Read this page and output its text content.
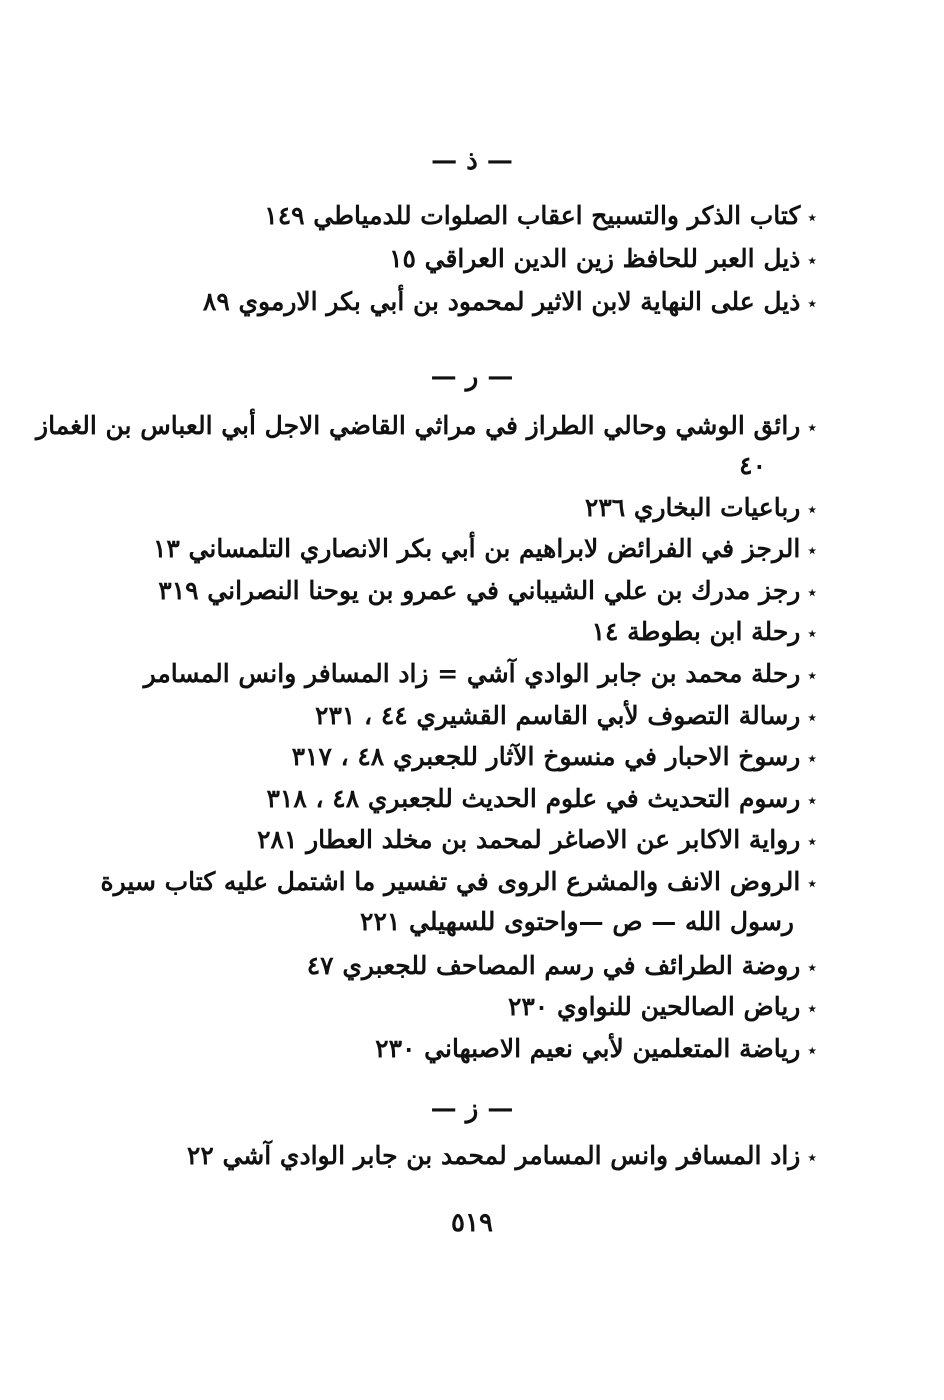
— ذ —
٭كتاب الذكر والتسبيح اعقاب الصلوات للدمياطي ١٤٩
٭ذيل العبر للحافظ زين الدين العراقي ١٥
٭ذيل على النهاية لابن الاثير لمحمود بن أبي بكر الارموي ٨٩
— ر —
٭رائق الوشي وحالي الطراز في مراثي القاضي الاجل أبي العباس بن الغماز
٤٠
٭رباعيات البخاري ٢٣٦
٭الرجز في الفرائض لابراهيم بن أبي بكر الانصاري التلمساني ١٣
٭رجز مدرك بن علي الشيباني في عمرو بن يوحنا النصراني ٣١٩
٭رحلة ابن بطوطة ١٤
٭رحلة محمد بن جابر الوادي آشي = زاد المسافر وانس المسامر
٭رسالة التصوف لأبي القاسم القشيري ٤٤ ، ٢٣١
٭رسوخ الاحبار في منسوخ الآثار للجعبري ٤٨ ، ٣١٧
٭رسوم التحديث في علوم الحديث للجعبري ٤٨ ، ٣١٨
٭رواية الاكابر عن الاصاغر لمحمد بن مخلد العطار ٢٨١
٭الروض الانف والمشرع الروى في تفسير ما اشتمل عليه كتاب سيرة
رسول الله — ص —واحتوى للسهيلي ٢٢١
٭روضة الطرائف في رسم المصاحف للجعبري ٤٧
٭رياض الصالحين للنواوي ٢٣٠
٭رياضة المتعلمين لأبي نعيم الاصبهاني ٢٣٠
— ز —
٭زاد المسافر وانس المسامر لمحمد بن جابر الوادي آشي ٢٢
٥١٩
